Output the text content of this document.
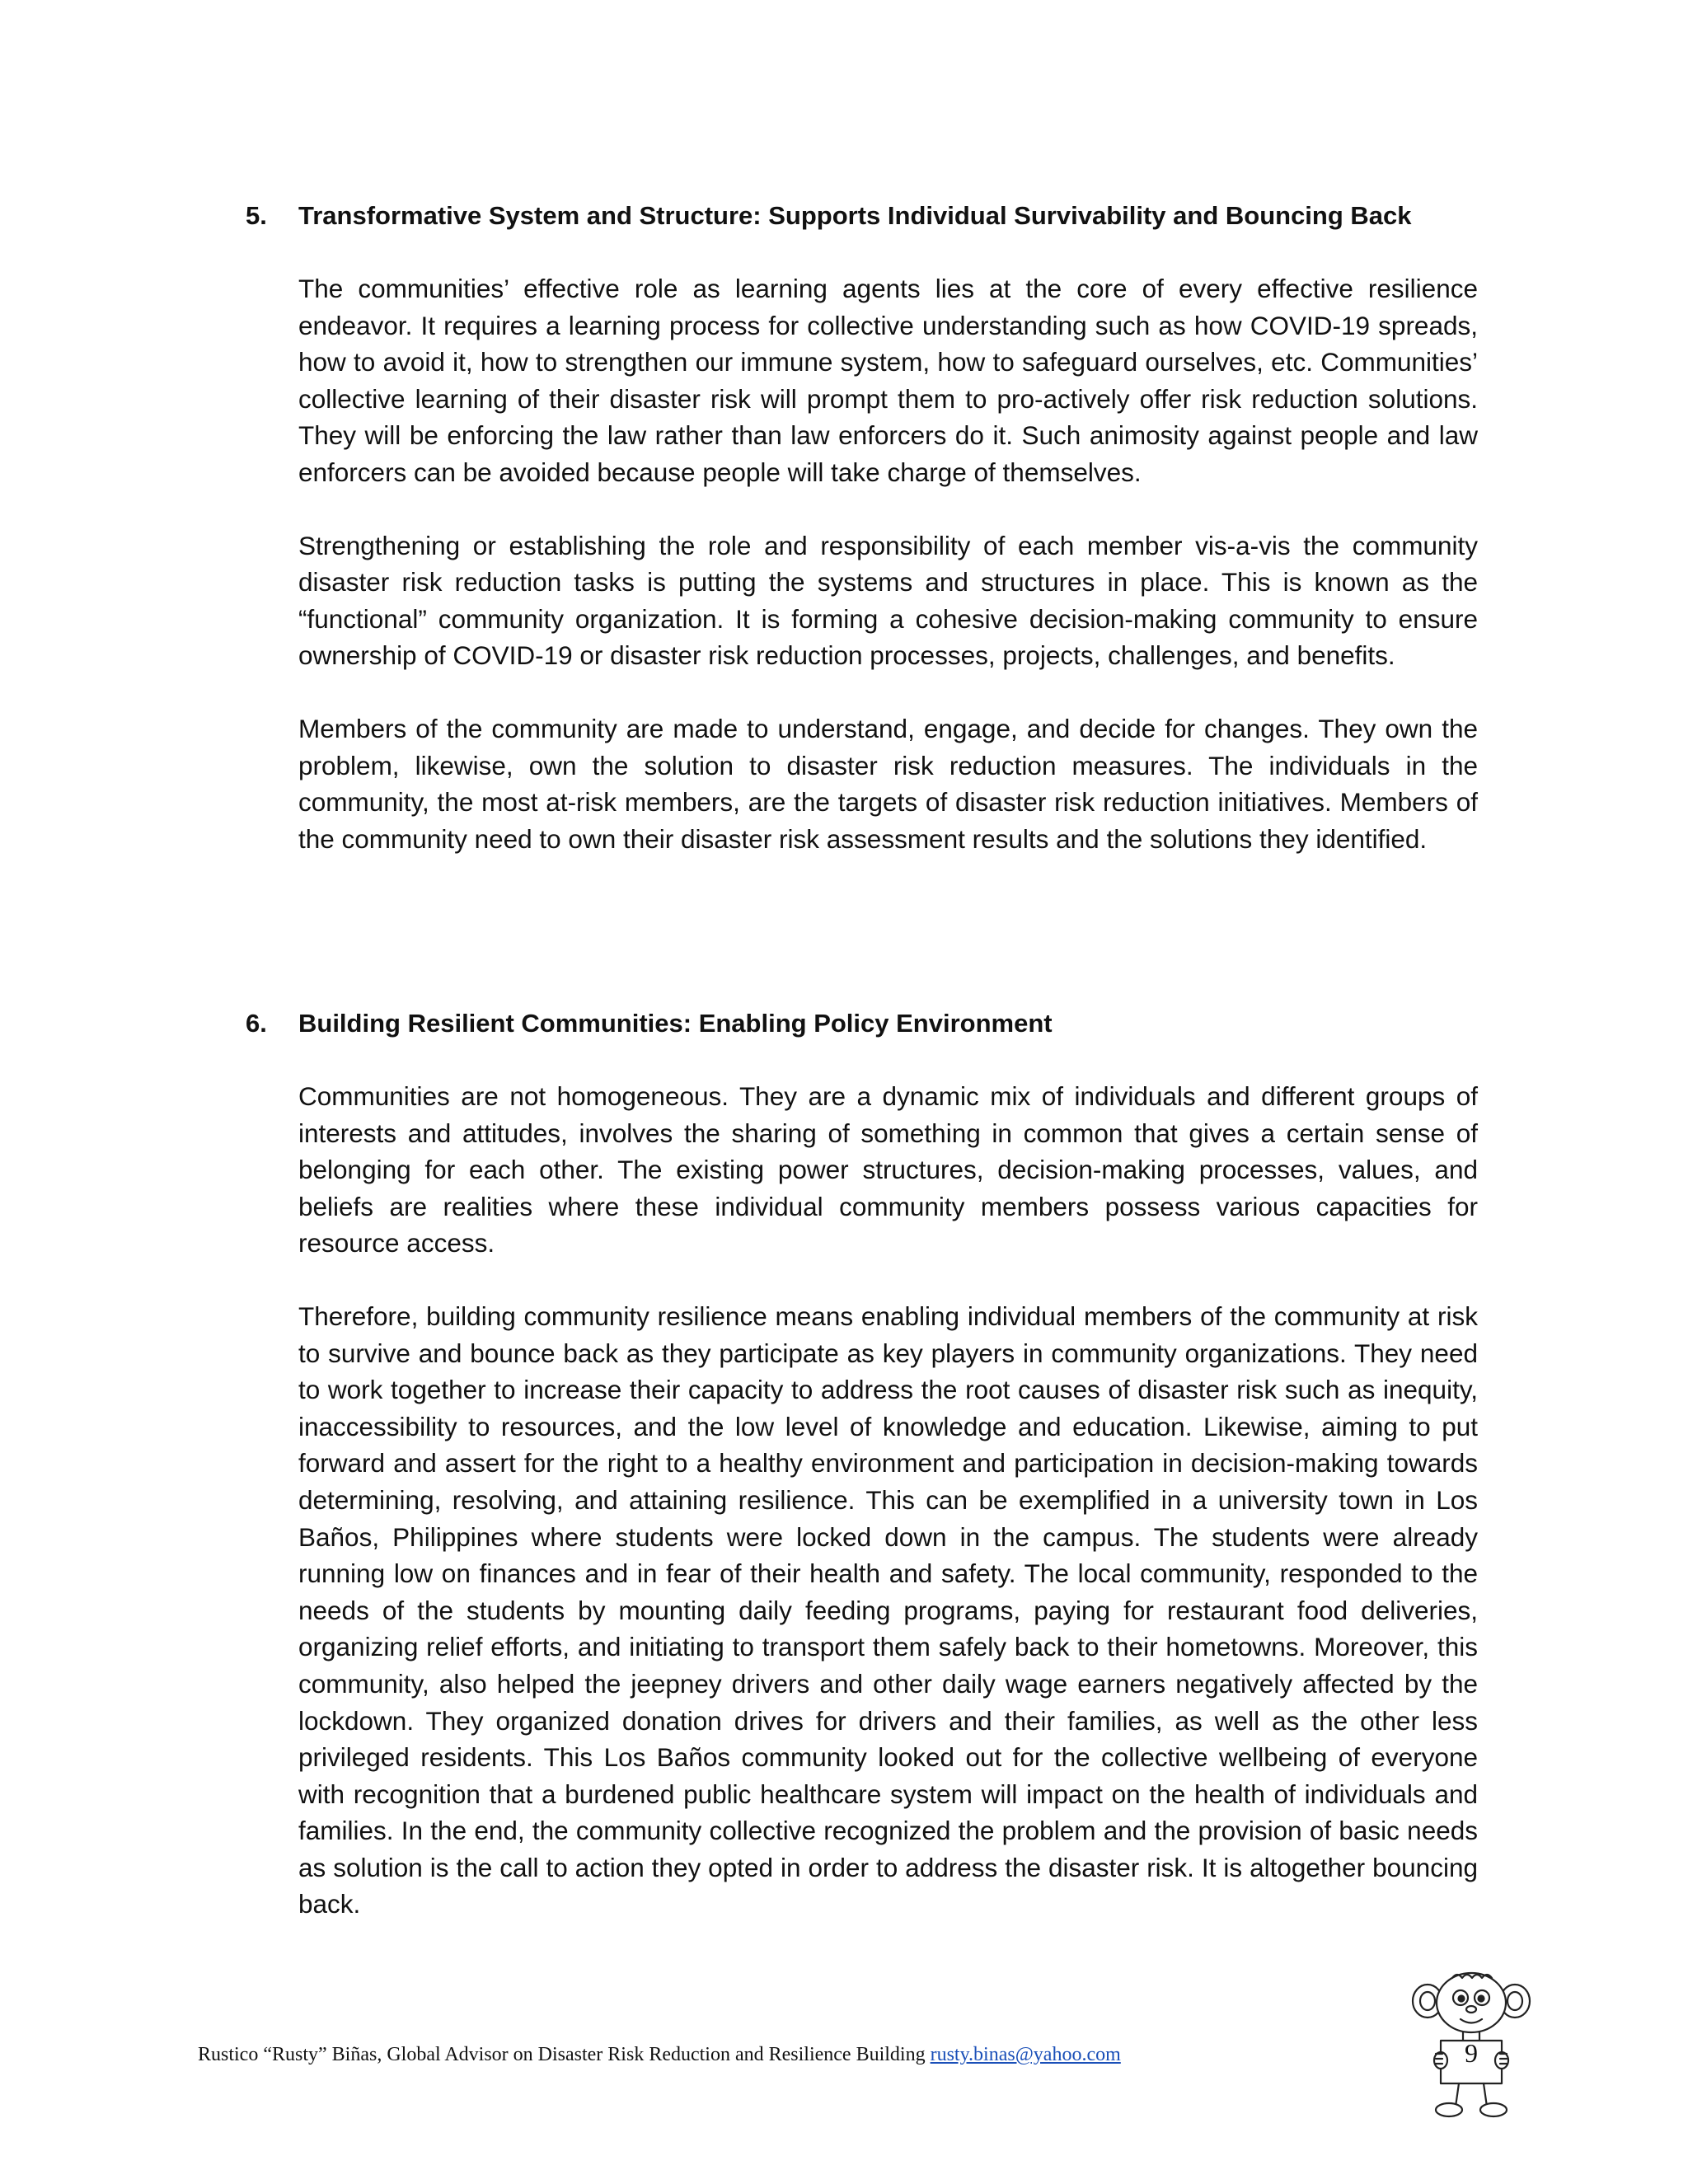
5.	Transformative System and Structure: Supports Individual Survivability and Bouncing Back

The communities’ effective role as learning agents lies at the core of every effective resilience endeavor. It requires a learning process for collective understanding such as how COVID-19 spreads, how to avoid it, how to strengthen our immune system, how to safeguard ourselves, etc. Communities’ collective learning of their disaster risk will prompt them to pro-actively offer risk reduction solutions. They will be enforcing the law rather than law enforcers do it. Such animosity against people and law enforcers can be avoided because people will take charge of themselves.

Strengthening or establishing the role and responsibility of each member vis-a-vis the community disaster risk reduction tasks is putting the systems and structures in place. This is known as the “functional” community organization. It is forming a cohesive decision-making community to ensure ownership of COVID-19 or disaster risk reduction processes, projects, challenges, and benefits.

Members of the community are made to understand, engage, and decide for changes. They own the problem, likewise, own the solution to disaster risk reduction measures. The individuals in the community, the most at-risk members, are the targets of disaster risk reduction initiatives. Members of the community need to own their disaster risk assessment results and the solutions they identified.

6.	Building Resilient Communities: Enabling Policy Environment

Communities are not homogeneous. They are a dynamic mix of individuals and different groups of interests and attitudes, involves the sharing of something in common that gives a certain sense of belonging for each other. The existing power structures, decision-making processes, values, and beliefs are realities where these individual community members possess various capacities for resource access.

Therefore, building community resilience means enabling individual members of the community at risk to survive and bounce back as they participate as key players in community organizations. They need to work together to increase their capacity to address the root causes of disaster risk such as inequity, inaccessibility to resources, and the low level of knowledge and education. Likewise, aiming to put forward and assert for the right to a healthy environment and participation in decision-making towards determining, resolving, and attaining resilience. This can be exemplified in a university town in Los Baños, Philippines where students were locked down in the campus. The students were already running low on finances and in fear of their health and safety. The local community, responded to the needs of the students by mounting daily feeding programs, paying for restaurant food deliveries, organizing relief efforts, and initiating to transport them safely back to their hometowns. Moreover, this community, also helped the jeepney drivers and other daily wage earners negatively affected by the lockdown. They organized donation drives for drivers and their families, as well as the other less privileged residents. This Los Baños community looked out for the collective wellbeing of everyone with recognition that a burdened public healthcare system will impact on the health of individuals and families. In the end, the community collective recognized the problem and the provision of basic needs as solution is the call to action they opted in order to address the disaster risk. It is altogether bouncing back.

Rustico “Rusty” Biñas, Global Advisor on Disaster Risk Reduction and Resilience Building rusty.binas@yahoo.com	9
